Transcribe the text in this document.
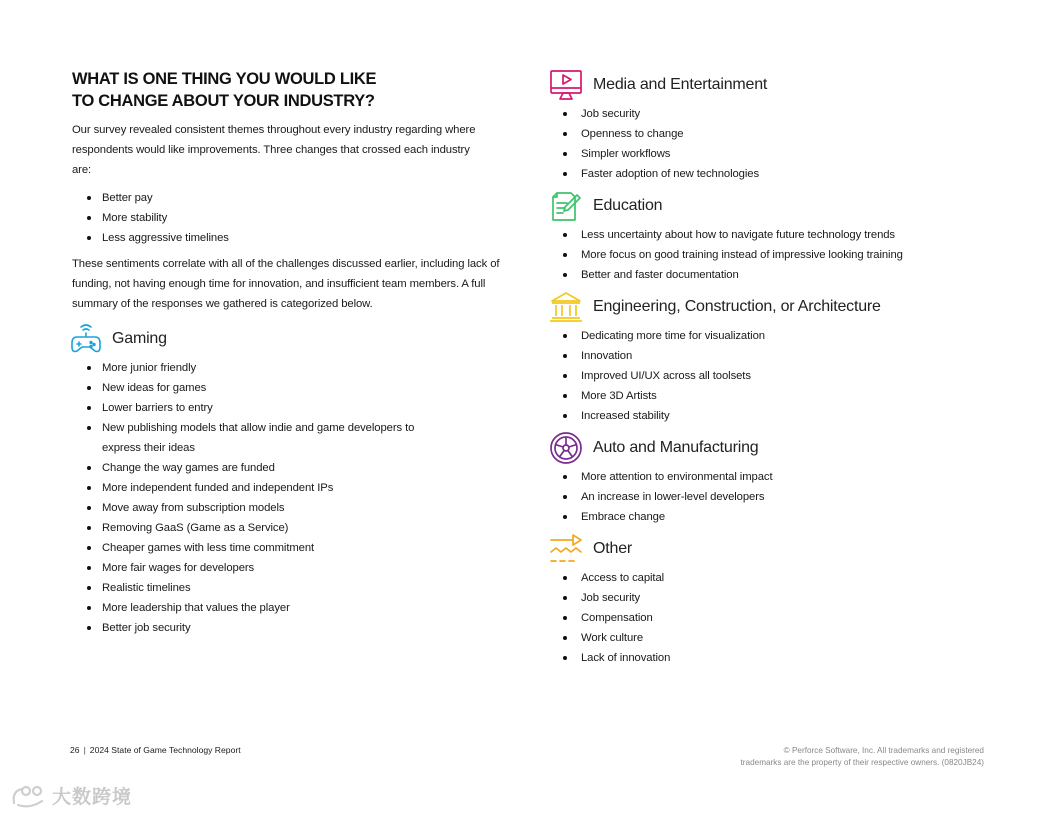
WHAT IS ONE THING YOU WOULD LIKE
TO CHANGE ABOUT YOUR INDUSTRY?

Our survey revealed consistent themes throughout every industry regarding where respondents would like improvements. Three changes that crossed each industry are:

Better pay
More stability
Less aggressive timelines

These sentiments correlate with all of the challenges discussed earlier, including lack of funding, not having enough time for innovation, and insufficient team members. A full summary of the responses we gathered is categorized below.

Gaming
More junior friendly
New ideas for games
Lower barriers to entry
New publishing models that allow indie and game developers to express their ideas
Change the way games are funded
More independent funded and independent IPs
Move away from subscription models
Removing GaaS (Game as a Service)
Cheaper games with less time commitment
More fair wages for developers
Realistic timelines
More leadership that values the player
Better job security
Media and Entertainment
Job security
Openness to change
Simpler workflows
Faster adoption of new technologies
Education
Less uncertainty about how to navigate future technology trends
More focus on good training instead of impressive looking training
Better and faster documentation
Engineering, Construction, or Architecture
Dedicating more time for visualization
Innovation
Improved UI/UX across all toolsets
More 3D Artists
Increased stability
Auto and Manufacturing
More attention to environmental impact
An increase in lower-level developers
Embrace change
Other
Access to capital
Job security
Compensation
Work culture
Lack of innovation
26 | 2024 State of Game Technology Report	© Perforce Software, Inc. All trademarks and registered
trademarks are the property of their respective owners. (0820JB24)
大数跨境
